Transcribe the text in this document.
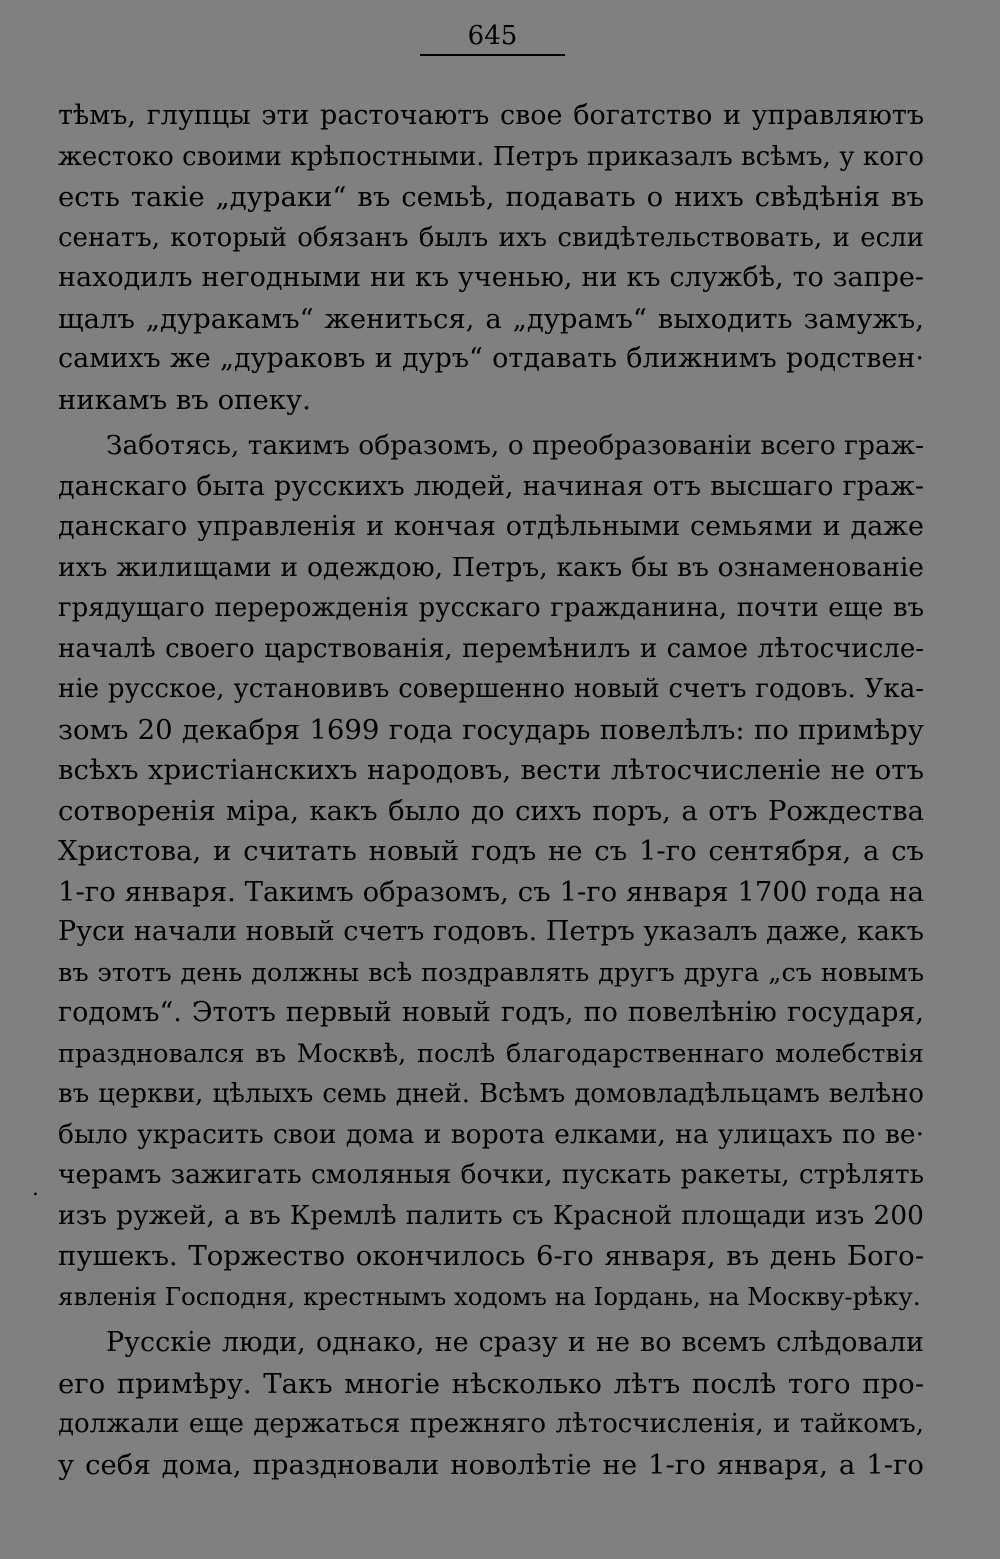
645
тѣмъ, глупцы эти расточаютъ свое богатство и управляютъ
жестоко своими крѣпостными. Петръ приказалъ всѣмъ, у кого
есть такіе „дураки“ въ семьѣ, подавать о нихъ свѣдѣнія въ
сенатъ, который обязанъ былъ ихъ свидѣтельствовать, и если
находилъ негодными ни къ ученью, ни къ службѣ, то запре-
щалъ „дуракамъ“ жениться, а „дурамъ“ выходить замужъ,
самихъ же „дураковъ и дуръ“ отдавать ближнимъ родствен·
никамъ въ опеку.
Заботясь, такимъ образомъ, о преобразованіи всего граж-
данскаго быта русскихъ людей, начиная отъ высшаго граж-
данскаго управленія и кончая отдѣльными семьями и даже
ихъ жилищами и одеждою, Петръ, какъ бы въ ознаменованіе
грядущаго перерожденія русскаго гражданина, почти еще въ
началѣ своего царствованія, перемѣнилъ и самое лѣтосчисле-
ніе русское, установивъ совершенно новый счетъ годовъ. Ука-
зомъ 20 декабря 1699 года государь повелѣлъ: по примѣру
всѣхъ христіанскихъ народовъ, вести лѣтосчисленіе не отъ
сотворенія міра, какъ было до сихъ поръ, а отъ Рождества
Христова, и считать новый годъ не съ 1-го сентября, а съ
1-го января. Такимъ образомъ, съ 1-го января 1700 года на
Руси начали новый счетъ годовъ. Петръ указалъ даже, какъ
въ этотъ день должны всѣ поздравлять другъ друга „съ новымъ
годомъ“. Этотъ первый новый годъ, по повелѣнію государя,
праздновался въ Москвѣ, послѣ благодарственнаго молебствія
въ церкви, цѣлыхъ семь дней. Всѣмъ домовладѣльцамъ велѣно
было украсить свои дома и ворота елками, на улицахъ по ве·
черамъ зажигать смоляныя бочки, пускать ракеты, стрѣлять
изъ ружей, а въ Кремлѣ палить съ Красной площади изъ 200
пушекъ. Торжество окончилось 6-го января, въ день Бого-
явленія Господня, крестнымъ ходомъ на Іордань, на Москву-рѣку.
Русскіе люди, однако, не сразу и не во всемъ слѣдовали
его примѣру. Такъ многіе нѣсколько лѣтъ послѣ того про-
должали еще держаться прежняго лѣтосчисленія, и тайкомъ,
у себя дома, праздновали новолѣтіе не 1-го января, а 1-го
.
